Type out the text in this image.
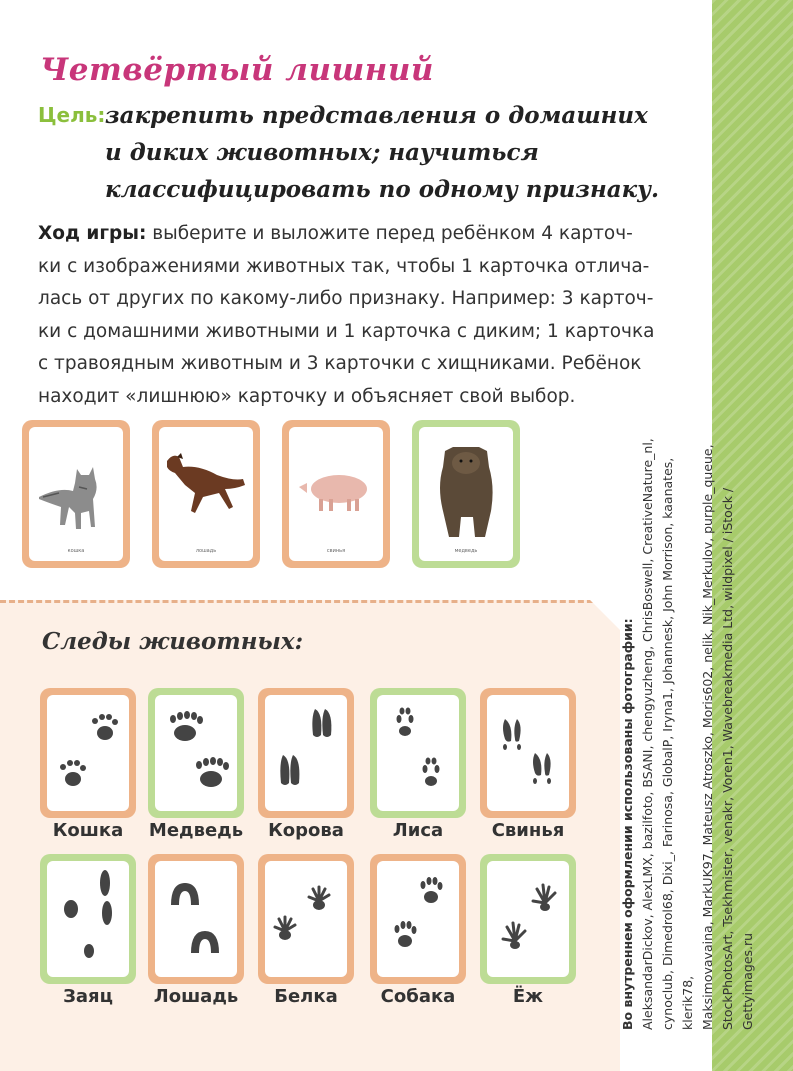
Четвёртый лишний
Цель: закрепить представления о домашних
и диких животных; научиться
классифицировать по одному признаку.
Ход игры: выберите и выложите перед ребёнком 4 карточ-
ки с изображениями животных так, чтобы 1 карточка отлича-
лась от других по какому-либо признаку. Например: 3 карточ-
ки с домашними животными и 1 карточка с диким; 1 карточка
с травоядным животным и 3 карточки с хищниками. Ребёнок
находит «лишнюю» карточку и объясняет свой выбор.
кошка	лошадь	свинья	медведь
Следы животных:
Кошка	Медведь	Корова	Лиса	Свинья
Заяц	Лошадь	Белка	Собака	Ёж	Во внутреннем оформлении использованы фотографии: AleksandarDickov, AlexLMX, bazilfoto, BSANI, chengyuzheng, ChrisBoswell, CreativeNature_nl, cynoclub, Dimedrol68, Dixi_, Farinosa, GlobalP, Iryna1, Johannesk, John Morrison, kaanates, klerik78, Maksimovavaina, MarkUK97, Mateusz Atroszko, Moris602, nelik, Nik_Merkulov, purple_queue, StockPhotosArt, Tsekhmister, venakr, Voren1, Wavebreakmedia Ltd, wildpixel / iStock / Gettyimages.ru
